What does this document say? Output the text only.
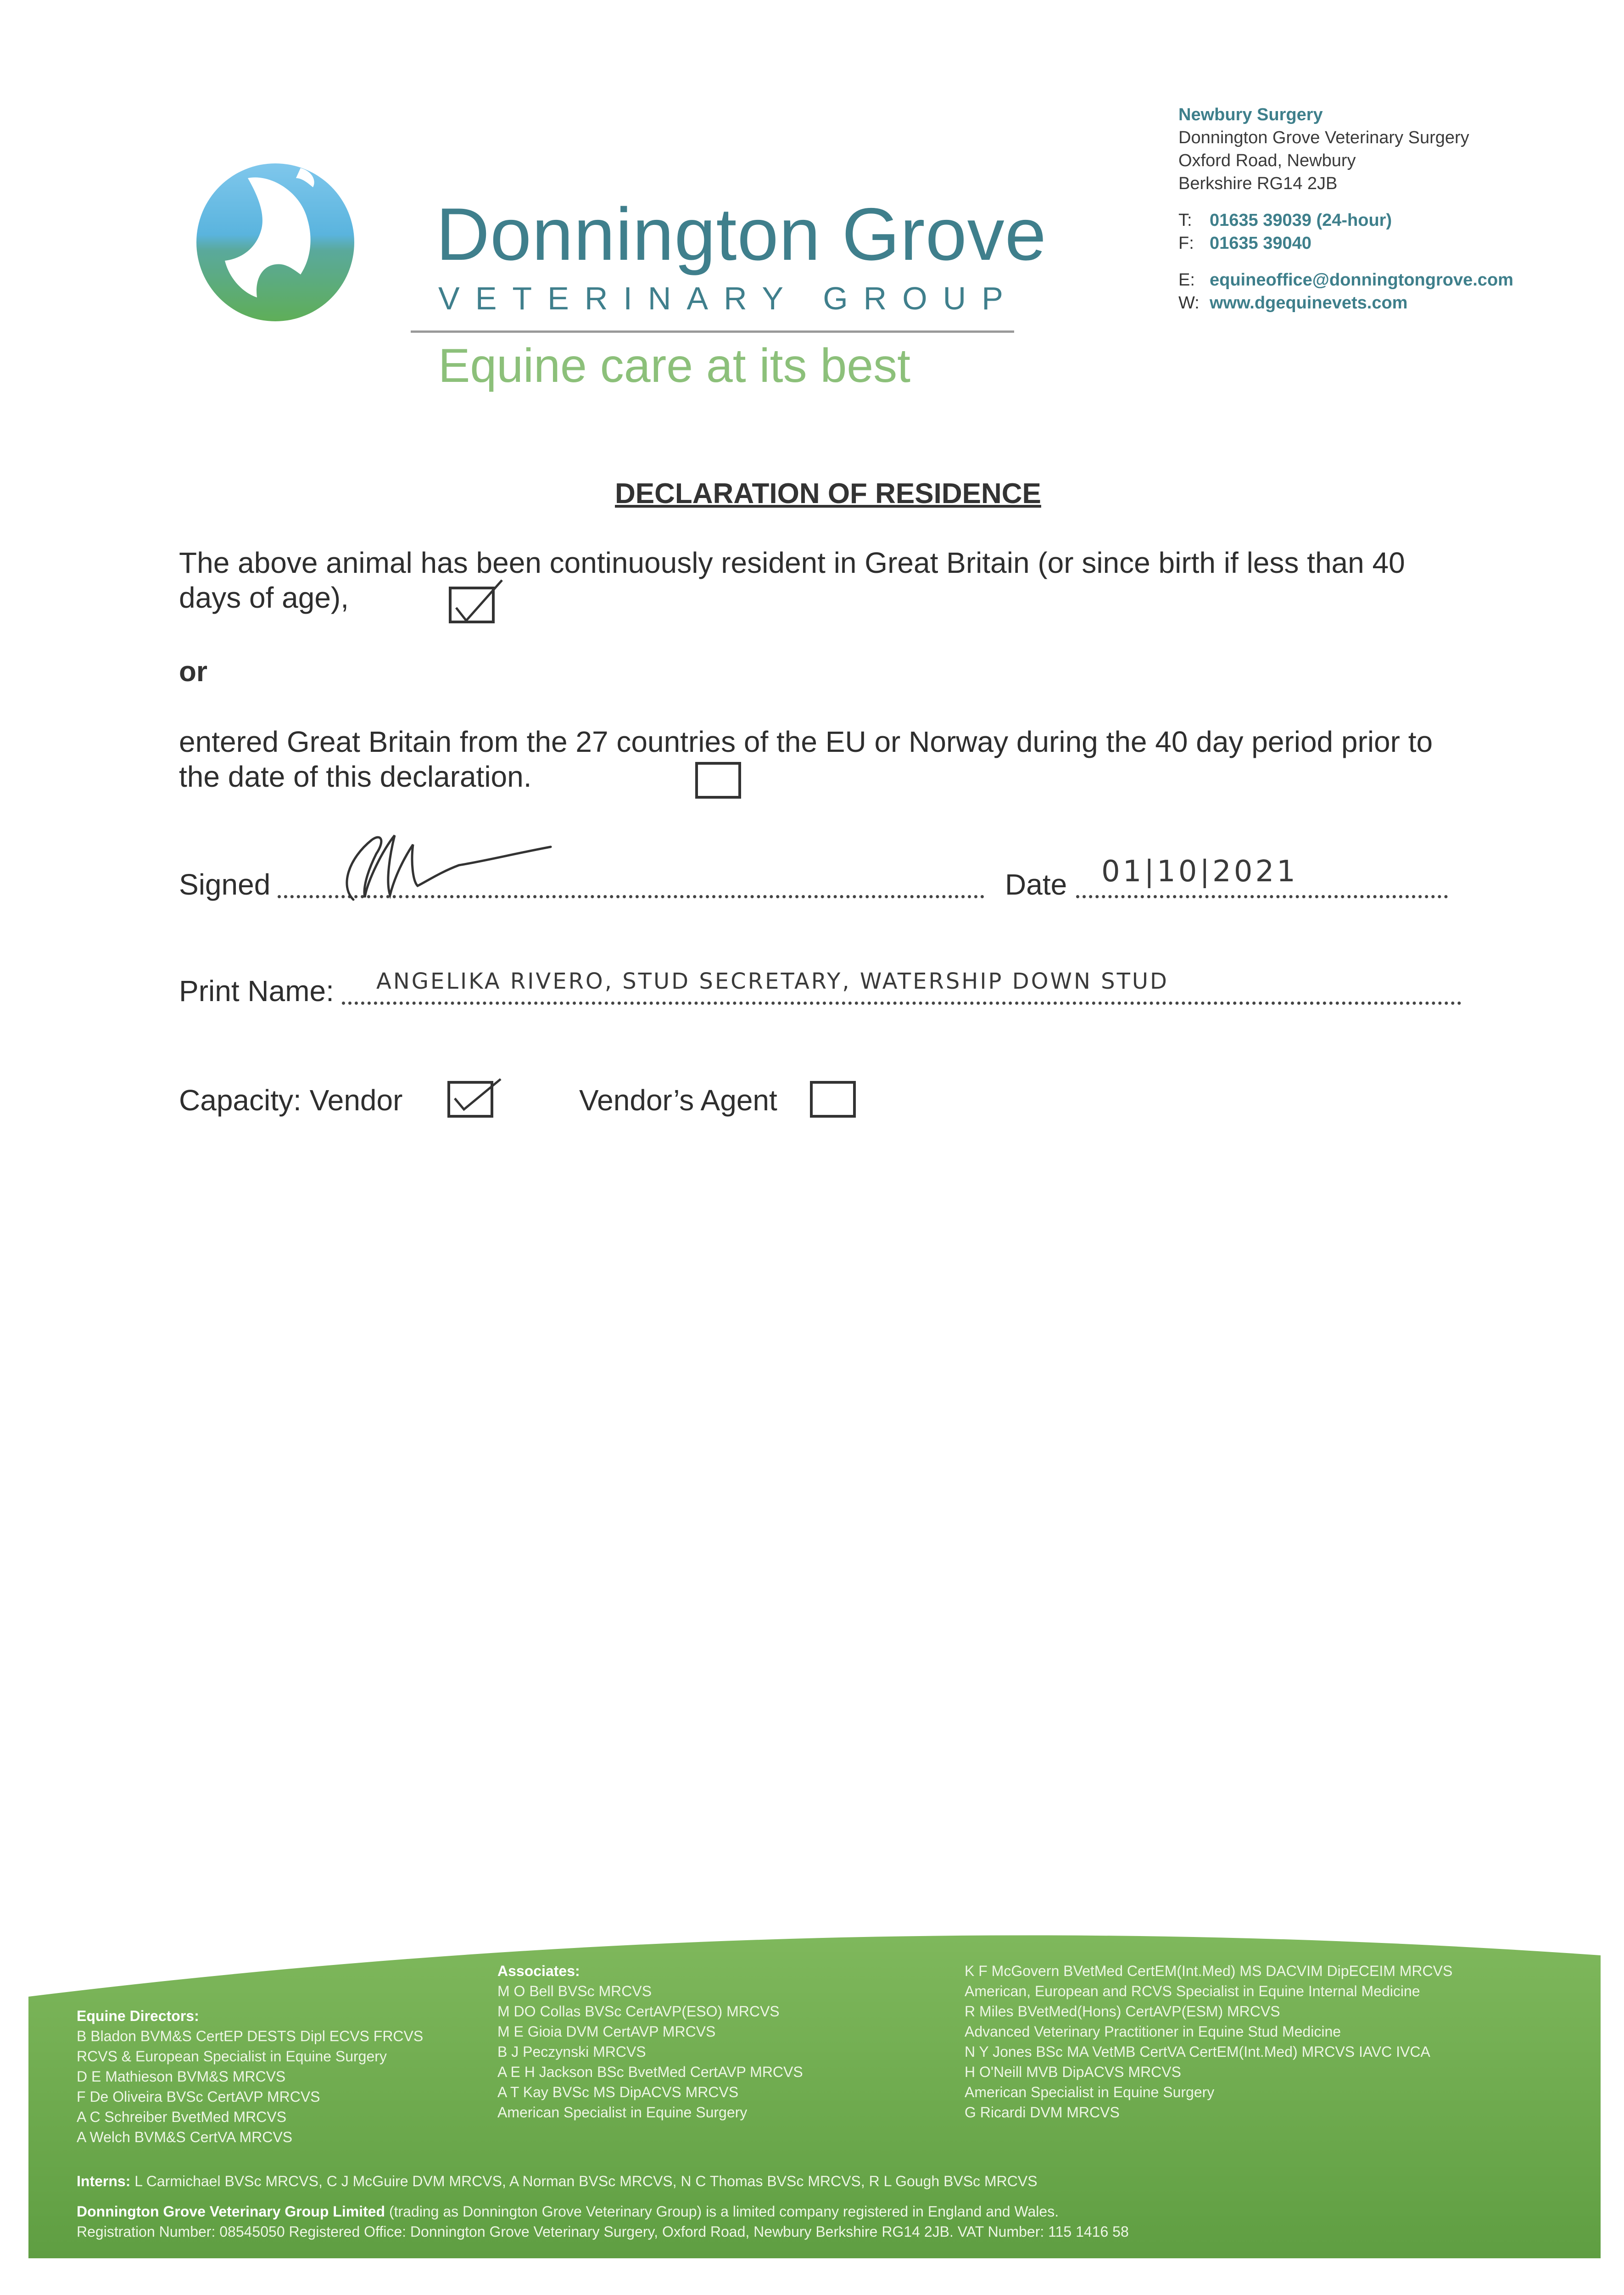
Donnington Grove
VETERINARY GROUP
Equine care at its best
Newbury Surgery
Donnington Grove Veterinary Surgery
Oxford Road, Newbury
Berkshire RG14 2JB
T:	01635 39039 (24-hour)
F: 01635 39040
E: equineoffice@donningtongrove.com
W: www.dgequinevets.com
DECLARATION OF RESIDENCE
The above animal has been continuously resident in Great Britain (or since birth if less than 40 days of age),
or
entered Great Britain from the 27 countries of the EU or Norway during the 40 day period prior to the date of this declaration.
Signed	Date 01|10|2021
Print Name: ANGELIKA RIVERO, STUD SECRETARY, WATERSHIP DOWN STUD
Capacity: Vendor	Vendor’s Agent
Equine Directors:
B Bladon BVM&S CertEP DESTS Dipl ECVS FRCVS
RCVS & European Specialist in Equine Surgery
D E Mathieson BVM&S MRCVS
F De Oliveira BVSc CertAVP MRCVS
A C Schreiber BvetMed MRCVS
A Welch BVM&S CertVA MRCVS
Associates:
M O Bell BVSc MRCVS
M DO Collas BVSc CertAVP(ESO) MRCVS
M E Gioia DVM CertAVP MRCVS
B J Peczynski MRCVS
A E H Jackson BSc BvetMed CertAVP MRCVS
A T Kay BVSc MS DipACVS MRCVS
American Specialist in Equine Surgery
K F McGovern BVetMed CertEM(Int.Med) MS DACVIM DipECEIM MRCVS
American, European and RCVS Specialist in Equine Internal Medicine
R Miles BVetMed(Hons) CertAVP(ESM) MRCVS
Advanced Veterinary Practitioner in Equine Stud Medicine
N Y Jones BSc MA VetMB CertVA CertEM(Int.Med) MRCVS IAVC IVCA
H O'Neill MVB DipACVS MRCVS
American Specialist in Equine Surgery
G Ricardi DVM MRCVS
Interns: L Carmichael BVSc MRCVS, C J McGuire DVM MRCVS, A Norman BVSc MRCVS, N C Thomas BVSc MRCVS, R L Gough BVSc MRCVS
Donnington Grove Veterinary Group Limited (trading as Donnington Grove Veterinary Group) is a limited company registered in England and Wales.
Registration Number: 08545050 Registered Office: Donnington Grove Veterinary Surgery, Oxford Road, Newbury Berkshire RG14 2JB. VAT Number: 115 1416 58
